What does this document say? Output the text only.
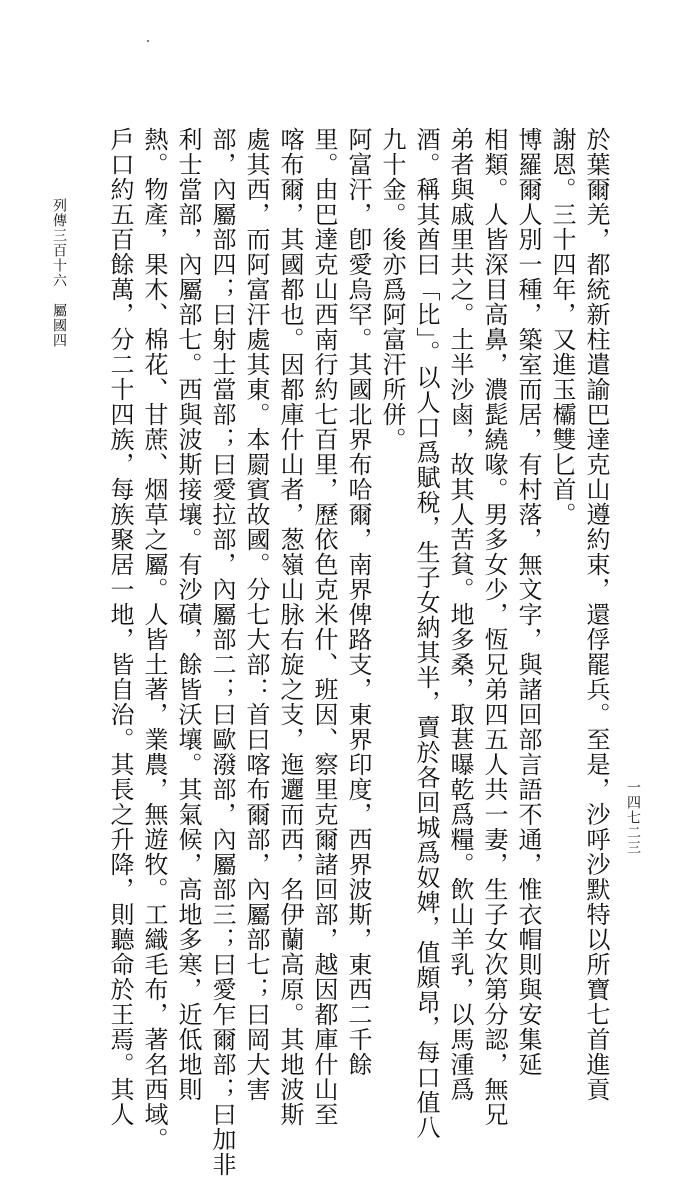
一四七二三
於葉爾羌，都統新柱遣諭巴達克山遵約束，還俘罷兵。至是，沙呼沙默特以所寶七首進貢
謝恩。三十四年，又進玉欛雙匕首。
博羅爾人別一種，築室而居，有村落，無文字，與諸回部言語不通，惟衣帽則與安集延
相類。人皆深目高鼻，濃髭繞喙。男多女少，恆兄弟四五人共一妻，生子女次第分認，無兄
弟者與戚里共之。土半沙鹵，故其人苦貧。地多桑，取葚曝乾爲糧。飲山羊乳，以馬湩爲
酒。稱其酋曰「比」。以人口爲賦稅，生子女納其半，賣於各回城爲奴婢，值頗昂，每口值八
九十金。後亦爲阿富汗所併。
阿富汗，卽愛烏罕。其國北界布哈爾，南界俾路支，東界印度，西界波斯，東西二千餘
里。由巴達克山西南行約七百里，歷依色克米什、班因、察里克爾諸回部，越因都庫什山至
喀布爾，其國都也。因都庫什山者，葱嶺山脉右旋之支，迤邐而西，名伊蘭高原。其地波斯
處其西，而阿富汗處其東。本罽賓故國。分七大部：首曰喀布爾部，內屬部七；曰岡大害
部，內屬部四；曰射士當部；曰愛拉部，內屬部二；曰歐潑部，內屬部三；曰愛乍爾部；曰加非
利士當部，內屬部七。西與波斯接壤。有沙磧，餘皆沃壤。其氣候，高地多寒，近低地則
熱。物產，果木、棉花、甘蔗、烟草之屬。人皆土著，業農，無遊牧。工織毛布，著名西域。
戶口約五百餘萬，分二十四族，每族聚居一地，皆自治。其長之升降，則聽命於王焉。其人
列傳三百十六　屬國四
